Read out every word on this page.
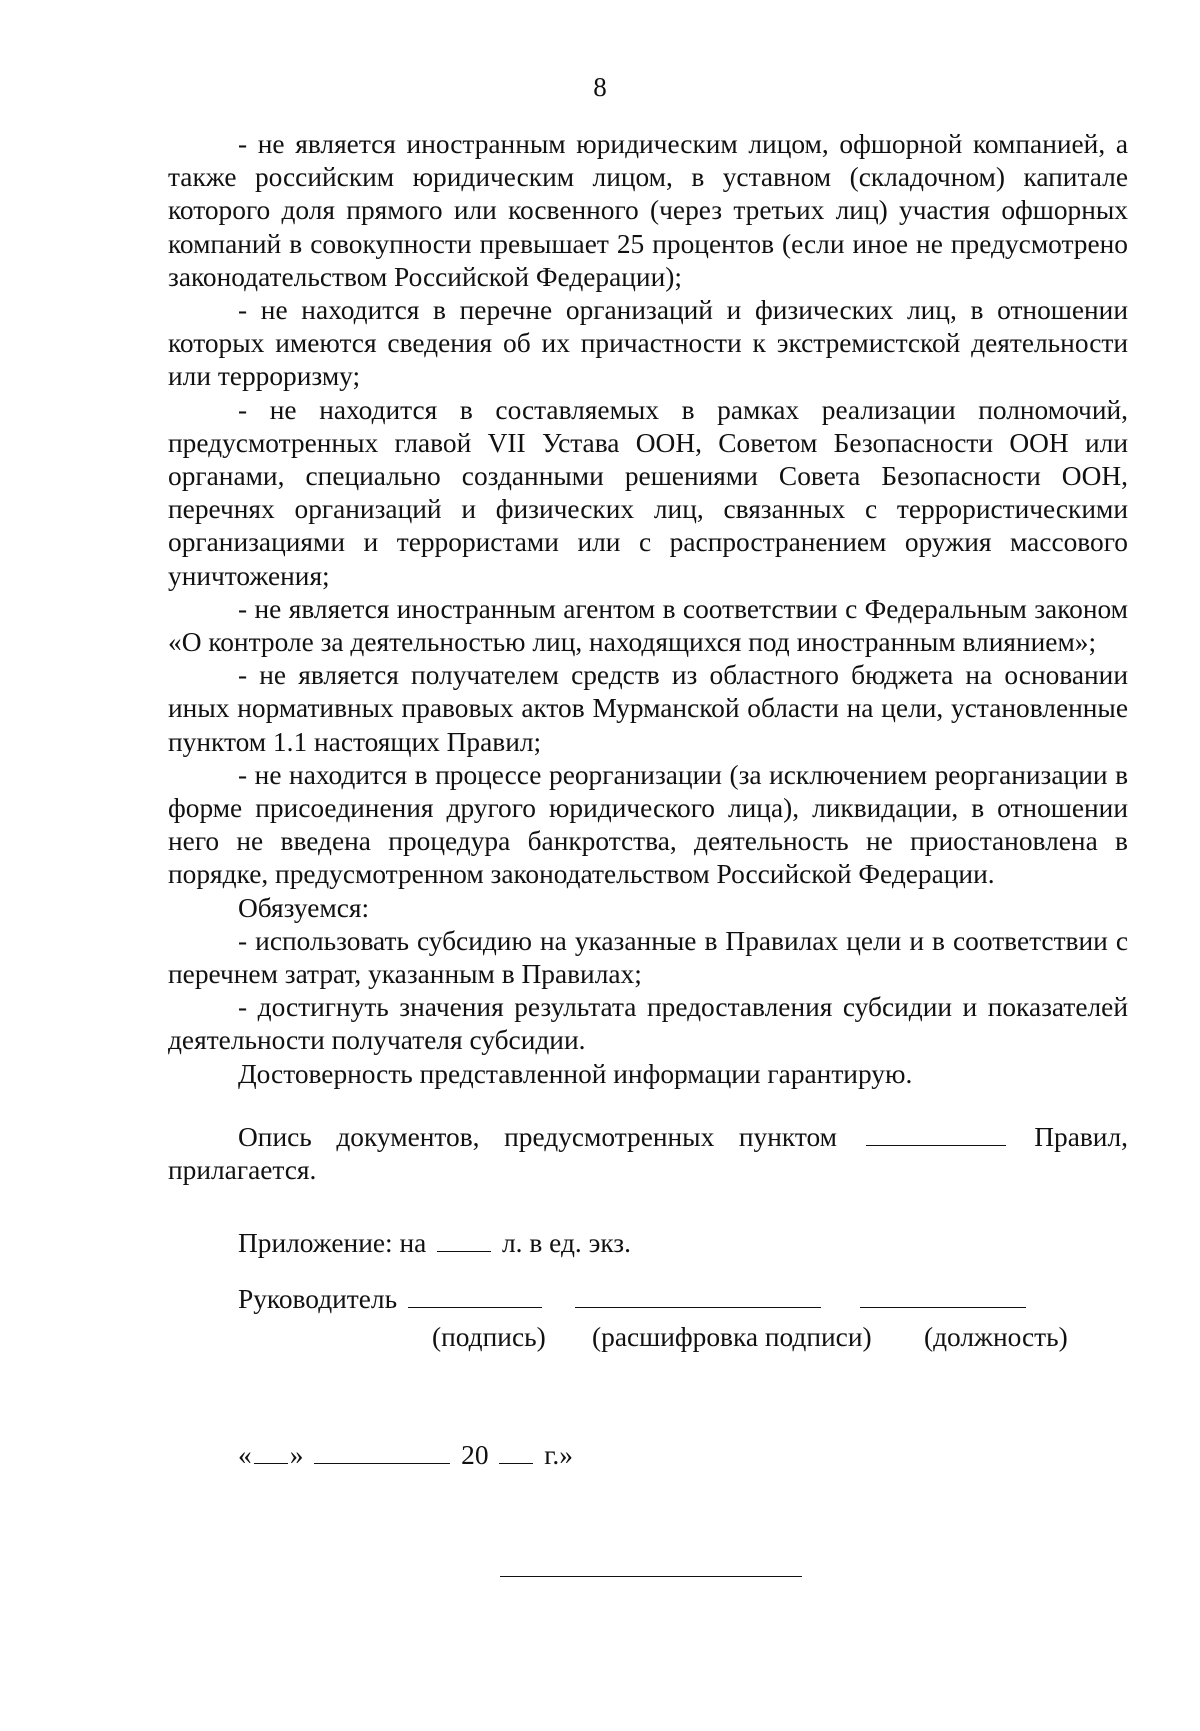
8

- не является иностранным юридическим лицом, офшорной компанией, а также российским юридическим лицом, в уставном (складочном) капитале которого доля прямого или косвенного (через третьих лиц) участия офшорных компаний в совокупности превышает 25 процентов (если иное не предусмотрено законодательством Российской Федерации);

- не находится в перечне организаций и физических лиц, в отношении которых имеются сведения об их причастности к экстремистской деятельности или терроризму;

- не находится в составляемых в рамках реализации полномочий, предусмотренных главой VII Устава ООН, Советом Безопасности ООН или органами, специально созданными решениями Совета Безопасности ООН, перечнях организаций и физических лиц, связанных с террористическими организациями и террористами или с распространением оружия массового уничтожения;

- не является иностранным агентом в соответствии с Федеральным законом «О контроле за деятельностью лиц, находящихся под иностранным влиянием»;

- не является получателем средств из областного бюджета на основании иных нормативных правовых актов Мурманской области на цели, установленные пунктом 1.1 настоящих Правил;

- не находится в процессе реорганизации (за исключением реорганизации в форме присоединения другого юридического лица), ликвидации, в отношении него не введена процедура банкротства, деятельность не приостановлена в порядке, предусмотренном законодательством Российской Федерации.

Обязуемся:

- использовать субсидию на указанные в Правилах цели и в соответствии с перечнем затрат, указанным в Правилах;

- достигнуть значения результата предоставления субсидии и показателей деятельности получателя субсидии.

Достоверность представленной информации гарантирую.

Опись документов, предусмотренных пунктом	Правил, прилагается.

Приложение: на	л. в ед. экз.

Руководитель
(подпись) (расшифровка подписи) (должность)

« »	20 г.»
